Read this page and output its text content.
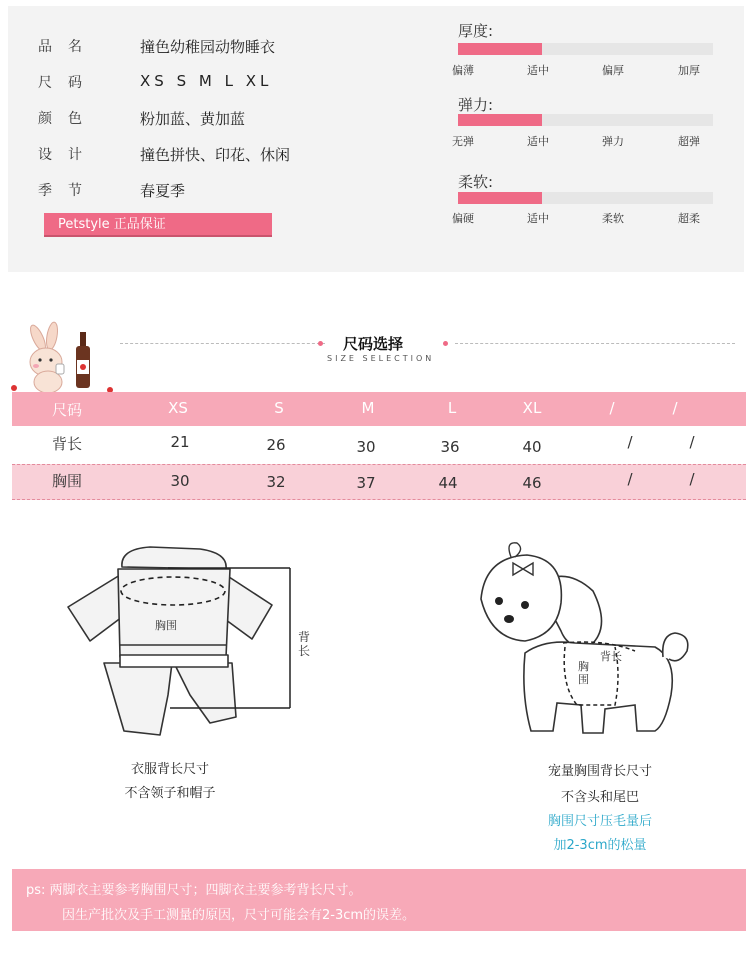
品名	撞色幼稚园动物睡衣
尺码	XS S M L XL
颜色	粉加蓝、黄加蓝
设计	撞色拼快、印花、休闲
季节	春夏季
Petstyle 正品保证
厚度:
偏薄	适中	偏厚	加厚
弹力:
无弹	适中	弹力	超弹
柔软:
偏硬	适中	柔软	超柔
尺码选择
SIZE SELECTION
尺码	XS	S	M	L	XL	/	/
背长	21	26	30	36	40	/	/
胸围	30	32	37	44	46	/	/
胸围
背长
衣服背长尺寸
不含领子和帽子
背长
胸围
宠量胸围背长尺寸
不含头和尾巴
胸围尺寸压毛量后
加2-3cm的松量
ps: 两脚衣主要参考胸围尺寸；四脚衣主要参考背长尺寸。
因生产批次及手工测量的原因，尺寸可能会有2-3cm的误差。
